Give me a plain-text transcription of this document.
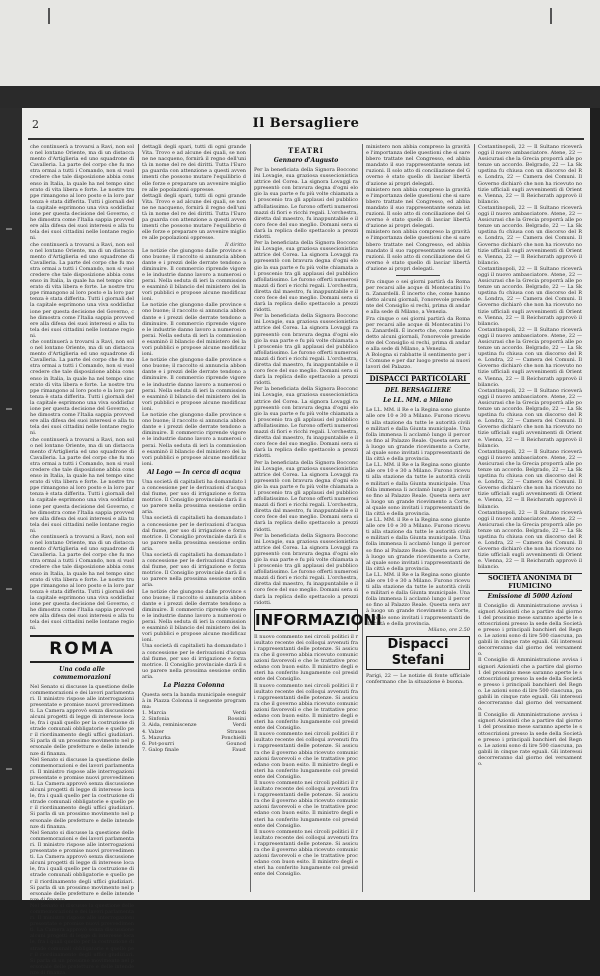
2	Il Bersagliere
che continuerà a trovarsi a Ravi, non solo nel lontano Oriente, ma di un distaccamento d'Artiglieria ed uno squadrone di Cavalleria. La parte del corpo che fu mostra ormai a tutti i Comando, non si vuol credere che tale disposizione abbia consenso in Italia, la quale ha nel tempo sincerato di vita libera e forte. Le nostre truppe rimangono al loro posto e la loro partenza è stata differita. Tutti i giornali della capitale esprimono una viva soddisfazione per questa decisione del Governo, che dimostra come l'Italia sappia provvedere alla difesa dei suoi interessi e alla tutela dei suoi cittadini nelle lontane regioni.
che continuerà a trovarsi a Ravi, non solo nel lontano Oriente, ma di un distaccamento d'Artiglieria ed uno squadrone di Cavalleria. La parte del corpo che fu mostra ormai a tutti i Comando, non si vuol credere che tale disposizione abbia consenso in Italia, la quale ha nel tempo sincerato di vita libera e forte. Le nostre truppe rimangono al loro posto e la loro partenza è stata differita. Tutti i giornali della capitale esprimono una viva soddisfazione per questa decisione del Governo, che dimostra come l'Italia sappia provvedere alla difesa dei suoi interessi e alla tutela dei suoi cittadini nelle lontane regioni.
che continuerà a trovarsi a Ravi, non solo nel lontano Oriente, ma di un distaccamento d'Artiglieria ed uno squadrone di Cavalleria. La parte del corpo che fu mostra ormai a tutti i Comando, non si vuol credere che tale disposizione abbia consenso in Italia, la quale ha nel tempo sincerato di vita libera e forte. Le nostre truppe rimangono al loro posto e la loro partenza è stata differita. Tutti i giornali della capitale esprimono una viva soddisfazione per questa decisione del Governo, che dimostra come l'Italia sappia provvedere alla difesa dei suoi interessi e alla tutela dei suoi cittadini nelle lontane regioni.
che continuerà a trovarsi a Ravi, non solo nel lontano Oriente, ma di un distaccamento d'Artiglieria ed uno squadrone di Cavalleria. La parte del corpo che fu mostra ormai a tutti i Comando, non si vuol credere che tale disposizione abbia consenso in Italia, la quale ha nel tempo sincerato di vita libera e forte. Le nostre truppe rimangono al loro posto e la loro partenza è stata differita. Tutti i giornali della capitale esprimono una viva soddisfazione per questa decisione del Governo, che dimostra come l'Italia sappia provvedere alla difesa dei suoi interessi e alla tutela dei suoi cittadini nelle lontane regioni.
che continuerà a trovarsi a Ravi, non solo nel lontano Oriente, ma di un distaccamento d'Artiglieria ed uno squadrone di Cavalleria. La parte del corpo che fu mostra ormai a tutti i Comando, non si vuol credere che tale disposizione abbia consenso in Italia, la quale ha nel tempo sincerato di vita libera e forte. Le nostre truppe rimangono al loro posto e la loro partenza è stata differita. Tutti i giornali della capitale esprimono una viva soddisfazione per questa decisione del Governo, che dimostra come l'Italia sappia provvedere alla difesa dei suoi interessi e alla tutela dei suoi cittadini nelle lontane regioni.
ROMA
Una coda alle commemorazioni
Nel Senato si discusse la questione delle commemorazioni e dei lavori parlamentari. Il ministro rispose alle interrogazioni presentate e promise nuovi provvedimenti. La Camera approvò senza discussione alcuni progetti di legge di interesse locale, fra i quali quello per la costruzione di strade comunali obbligatorie e quello per il riordinamento degli uffici giudiziari. Si parla di un prossimo movimento nel personale delle prefetture e delle intendenze di finanza.
Nel Senato si discusse la questione delle commemorazioni e dei lavori parlamentari. Il ministro rispose alle interrogazioni presentate e promise nuovi provvedimenti. La Camera approvò senza discussione alcuni progetti di legge di interesse locale, fra i quali quello per la costruzione di strade comunali obbligatorie e quello per il riordinamento degli uffici giudiziari. Si parla di un prossimo movimento nel personale delle prefetture e delle intendenze di finanza.
Nel Senato si discusse la questione delle commemorazioni e dei lavori parlamentari. Il ministro rispose alle interrogazioni presentate e promise nuovi provvedimenti. La Camera approvò senza discussione alcuni progetti di legge di interesse locale, fra i quali quello per la costruzione di strade comunali obbligatorie e quello per il riordinamento degli uffici giudiziari. Si parla di un prossimo movimento nel personale delle prefetture e delle intendenze di finanza.
Nel Senato si discusse la questione delle commemorazioni e dei lavori parlamentari. Il ministro rispose alle interrogazioni presentate e promise nuovi provvedimenti. La Camera approvò senza discussione alcuni progetti di legge di interesse locale, fra i quali quello per la costruzione di strade comunali obbligatorie e quello per il riordinamento degli uffici giudiziari. Si parla di un prossimo movimento nel personale delle prefetture e delle intendenze di finanza.
dettagli degli spari, tutti di ogni grande Vita. Trovo e ad alcune dei quali, se non ne ne nacqueno, fornirà il regno dell'unità in nome del re dei diritti. Tutta l'Europa guarda con attenzione a questi avvenimenti che possono mutare l'equilibrio delle forze e preparare un avvenire migliore alle popolazioni oppresse.
dettagli degli spari, tutti di ogni grande Vita. Trovo e ad alcune dei quali, se non ne ne nacqueno, fornirà il regno dell'unità in nome del re dei diritti. Tutta l'Europa guarda con attenzione a questi avvenimenti che possono mutare l'equilibrio delle forze e preparare un avvenire migliore alle popolazioni oppresse.
Il diritto
Le notizie che giungono dalle province sono buone; il raccolto si annuncia abbondante e i prezzi delle derrate tendono a diminuire. Il commercio riprende vigore e le industrie danno lavoro a numerosi operai. Nella seduta di ieri la commissione esaminò il bilancio del ministero dei lavori pubblici e propose alcune modificazioni.
Le notizie che giungono dalle province sono buone; il raccolto si annuncia abbondante e i prezzi delle derrate tendono a diminuire. Il commercio riprende vigore e le industrie danno lavoro a numerosi operai. Nella seduta di ieri la commissione esaminò il bilancio del ministero dei lavori pubblici e propose alcune modificazioni.
Le notizie che giungono dalle province sono buone; il raccolto si annuncia abbondante e i prezzi delle derrate tendono a diminuire. Il commercio riprende vigore e le industrie danno lavoro a numerosi operai. Nella seduta di ieri la commissione esaminò il bilancio del ministero dei lavori pubblici e propose alcune modificazioni.
Le notizie che giungono dalle province sono buone; il raccolto si annuncia abbondante e i prezzi delle derrate tendono a diminuire. Il commercio riprende vigore e le industrie danno lavoro a numerosi operai. Nella seduta di ieri la commissione esaminò il bilancio del ministero dei lavori pubblici e propose alcune modificazioni.
Al Lago — In cerca di acqua
Una società di capitalisti ha domandato la concessione per le derivazioni d'acqua dal fiume, per uso di irrigazione e forza motrice. Il Consiglio provinciale darà il suo parere nella prossima sessione ordinaria.
Una società di capitalisti ha domandato la concessione per le derivazioni d'acqua dal fiume, per uso di irrigazione e forza motrice. Il Consiglio provinciale darà il suo parere nella prossima sessione ordinaria.
Una società di capitalisti ha domandato la concessione per le derivazioni d'acqua dal fiume, per uso di irrigazione e forza motrice. Il Consiglio provinciale darà il suo parere nella prossima sessione ordinaria.
Le notizie che giungono dalle province sono buone; il raccolto si annuncia abbondante e i prezzi delle derrate tendono a diminuire. Il commercio riprende vigore e le industrie danno lavoro a numerosi operai. Nella seduta di ieri la commissione esaminò il bilancio del ministero dei lavori pubblici e propose alcune modificazioni.
Una società di capitalisti ha domandato la concessione per le derivazioni d'acqua dal fiume, per uso di irrigazione e forza motrice. Il Consiglio provinciale darà il suo parere nella prossima sessione ordinaria.
La Piazza Colonna
Questa sera la banda municipale eseguirà in Piazza Colonna il seguente programma:
1. Marcia	Verdi
2. Sinfonia	Rossini
3. Aida, reminiscenze	Verdi
4. Valzer	Strauss
5. Mazurka	Ponchielli
6. Pot-pourri	Gounod
7. Galop finale	Faust
TEATRI
Gennaro d'Augusto
Per la beneficiata della Signora Bocconcini Lovagie, sua graziosa sussecionistica attrice del Corea. La signora Lovaggi rappresentò con bravura degna d'ogni elogio la sua parte e fu più volte chiamata al proscenio tra gli applausi del pubblico affollatissimo. Le furono offerti numerosi mazzi di fiori e ricchi regali. L'orchestra, diretta dal maestro, fu inappuntabile e il coro fece del suo meglio. Domani sera si darà la replica dello spettacolo a prezzi ridotti.
Per la beneficiata della Signora Bocconcini Lovagie, sua graziosa sussecionistica attrice del Corea. La signora Lovaggi rappresentò con bravura degna d'ogni elogio la sua parte e fu più volte chiamata al proscenio tra gli applausi del pubblico affollatissimo. Le furono offerti numerosi mazzi di fiori e ricchi regali. L'orchestra, diretta dal maestro, fu inappuntabile e il coro fece del suo meglio. Domani sera si darà la replica dello spettacolo a prezzi ridotti.
Per la beneficiata della Signora Bocconcini Lovagie, sua graziosa sussecionistica attrice del Corea. La signora Lovaggi rappresentò con bravura degna d'ogni elogio la sua parte e fu più volte chiamata al proscenio tra gli applausi del pubblico affollatissimo. Le furono offerti numerosi mazzi di fiori e ricchi regali. L'orchestra, diretta dal maestro, fu inappuntabile e il coro fece del suo meglio. Domani sera si darà la replica dello spettacolo a prezzi ridotti.
Per la beneficiata della Signora Bocconcini Lovagie, sua graziosa sussecionistica attrice del Corea. La signora Lovaggi rappresentò con bravura degna d'ogni elogio la sua parte e fu più volte chiamata al proscenio tra gli applausi del pubblico affollatissimo. Le furono offerti numerosi mazzi di fiori e ricchi regali. L'orchestra, diretta dal maestro, fu inappuntabile e il coro fece del suo meglio. Domani sera si darà la replica dello spettacolo a prezzi ridotti.
Per la beneficiata della Signora Bocconcini Lovagie, sua graziosa sussecionistica attrice del Corea. La signora Lovaggi rappresentò con bravura degna d'ogni elogio la sua parte e fu più volte chiamata al proscenio tra gli applausi del pubblico affollatissimo. Le furono offerti numerosi mazzi di fiori e ricchi regali. L'orchestra, diretta dal maestro, fu inappuntabile e il coro fece del suo meglio. Domani sera si darà la replica dello spettacolo a prezzi ridotti.
Per la beneficiata della Signora Bocconcini Lovagie, sua graziosa sussecionistica attrice del Corea. La signora Lovaggi rappresentò con bravura degna d'ogni elogio la sua parte e fu più volte chiamata al proscenio tra gli applausi del pubblico affollatissimo. Le furono offerti numerosi mazzi di fiori e ricchi regali. L'orchestra, diretta dal maestro, fu inappuntabile e il coro fece del suo meglio. Domani sera si darà la replica dello spettacolo a prezzi ridotti.
INFORMAZIONI
Il nuovo commento nei circoli politici il risultato recente dei colloqui avvenuti fra i rappresentanti delle potenze. Si assicura che il governo abbia ricevuto comunicazioni favorevoli e che le trattative procedano con buon esito. Il ministro degli esteri ha conferito lungamente col presidente del Consiglio.
Il nuovo commento nei circoli politici il risultato recente dei colloqui avvenuti fra i rappresentanti delle potenze. Si assicura che il governo abbia ricevuto comunicazioni favorevoli e che le trattative procedano con buon esito. Il ministro degli esteri ha conferito lungamente col presidente del Consiglio.
Il nuovo commento nei circoli politici il risultato recente dei colloqui avvenuti fra i rappresentanti delle potenze. Si assicura che il governo abbia ricevuto comunicazioni favorevoli e che le trattative procedano con buon esito. Il ministro degli esteri ha conferito lungamente col presidente del Consiglio.
Il nuovo commento nei circoli politici il risultato recente dei colloqui avvenuti fra i rappresentanti delle potenze. Si assicura che il governo abbia ricevuto comunicazioni favorevoli e che le trattative procedano con buon esito. Il ministro degli esteri ha conferito lungamente col presidente del Consiglio.
Il nuovo commento nei circoli politici il risultato recente dei colloqui avvenuti fra i rappresentanti delle potenze. Si assicura che il governo abbia ricevuto comunicazioni favorevoli e che le trattative procedano con buon esito. Il ministro degli esteri ha conferito lungamente col presidente del Consiglio.
ministero non abbia compreso la gravità e l'importanza delle questioni che si sarebbero trattate nel Congresso, ed abbia mandato il suo rappresentante senza istruzioni. Il solo atto di conciliazione del Governo è stato quello di lasciar libertà d'azione ai propri delegati.
ministero non abbia compreso la gravità e l'importanza delle questioni che si sarebbero trattate nel Congresso, ed abbia mandato il suo rappresentante senza istruzioni. Il solo atto di conciliazione del Governo è stato quello di lasciar libertà d'azione ai propri delegati.
ministero non abbia compreso la gravità e l'importanza delle questioni che si sarebbero trattate nel Congresso, ed abbia mandato il suo rappresentante senza istruzioni. Il solo atto di conciliazione del Governo è stato quello di lasciar libertà d'azione ai propri delegati.
Fra cinque o sei giorni partirà da Roma per recarsi alle acque di Montecatini l'on. Zanardelli. È incerto che, come hanno detto alcuni giornali, l'onorevole presidente del Consiglio si rechi, prima di andare alla sede di Milano, a Venezia.
Fra cinque o sei giorni partirà da Roma per recarsi alle acque di Montecatini l'on. Zanardelli. È incerto che, come hanno detto alcuni giornali, l'onorevole presidente del Consiglio si rechi, prima di andare alla sede di Milano, a Venezia.
A Bologna si rabbatte il sentimento per il Comune e per dar luogo presto ai nuovi lavori del Palazzo.
DISPACCI PARTICOLARI
DEL BERSAGLIERE
Le LL. MM. a Milano
Le LL. MM. il Re e la Regina sono giunte alle ore 10 e 30 a Milano. Furono ricevuti alla stazione da tutte le autorità civili e militari e dalla Giunta municipale. Una folla immensa li acclamò lungo il percorso fino al Palazzo Reale. Questa sera avrà luogo un grande ricevimento a Corte, al quale sono invitati i rappresentanti della città e della provincia.
Le LL. MM. il Re e la Regina sono giunte alle ore 10 e 30 a Milano. Furono ricevuti alla stazione da tutte le autorità civili e militari e dalla Giunta municipale. Una folla immensa li acclamò lungo il percorso fino al Palazzo Reale. Questa sera avrà luogo un grande ricevimento a Corte, al quale sono invitati i rappresentanti della città e della provincia.
Le LL. MM. il Re e la Regina sono giunte alle ore 10 e 30 a Milano. Furono ricevuti alla stazione da tutte le autorità civili e militari e dalla Giunta municipale. Una folla immensa li acclamò lungo il percorso fino al Palazzo Reale. Questa sera avrà luogo un grande ricevimento a Corte, al quale sono invitati i rappresentanti della città e della provincia.
Le LL. MM. il Re e la Regina sono giunte alle ore 10 e 30 a Milano. Furono ricevuti alla stazione da tutte le autorità civili e militari e dalla Giunta municipale. Una folla immensa li acclamò lungo il percorso fino al Palazzo Reale. Questa sera avrà luogo un grande ricevimento a Corte, al quale sono invitati i rappresentanti della città e della provincia.
Milano, ore 2.50
Dispacci Stefani
Parigi, 22 — Le notizie di fonte ufficiale confermano che la situazione è buona.
Costantinopoli, 22 — Il Sultano riceverà oggi il nuovo ambasciatore. Atene, 22 — Assicurasi che la Grecia proporrà alle potenze un accordo. Belgrado, 22 — La Skupstina fu chiusa con un discorso del Re. Londra, 22 — Camera dei Comuni. Il Governo dichiarò che non ha ricevuto notizie ufficiali sugli avvenimenti di Oriente. Vienna, 22 — Il Reichsrath approvò il bilancio.
Costantinopoli, 22 — Il Sultano riceverà oggi il nuovo ambasciatore. Atene, 22 — Assicurasi che la Grecia proporrà alle potenze un accordo. Belgrado, 22 — La Skupstina fu chiusa con un discorso del Re. Londra, 22 — Camera dei Comuni. Il Governo dichiarò che non ha ricevuto notizie ufficiali sugli avvenimenti di Oriente. Vienna, 22 — Il Reichsrath approvò il bilancio.
Costantinopoli, 22 — Il Sultano riceverà oggi il nuovo ambasciatore. Atene, 22 — Assicurasi che la Grecia proporrà alle potenze un accordo. Belgrado, 22 — La Skupstina fu chiusa con un discorso del Re. Londra, 22 — Camera dei Comuni. Il Governo dichiarò che non ha ricevuto notizie ufficiali sugli avvenimenti di Oriente. Vienna, 22 — Il Reichsrath approvò il bilancio.
Costantinopoli, 22 — Il Sultano riceverà oggi il nuovo ambasciatore. Atene, 22 — Assicurasi che la Grecia proporrà alle potenze un accordo. Belgrado, 22 — La Skupstina fu chiusa con un discorso del Re. Londra, 22 — Camera dei Comuni. Il Governo dichiarò che non ha ricevuto notizie ufficiali sugli avvenimenti di Oriente. Vienna, 22 — Il Reichsrath approvò il bilancio.
Costantinopoli, 22 — Il Sultano riceverà oggi il nuovo ambasciatore. Atene, 22 — Assicurasi che la Grecia proporrà alle potenze un accordo. Belgrado, 22 — La Skupstina fu chiusa con un discorso del Re. Londra, 22 — Camera dei Comuni. Il Governo dichiarò che non ha ricevuto notizie ufficiali sugli avvenimenti di Oriente. Vienna, 22 — Il Reichsrath approvò il bilancio.
Costantinopoli, 22 — Il Sultano riceverà oggi il nuovo ambasciatore. Atene, 22 — Assicurasi che la Grecia proporrà alle potenze un accordo. Belgrado, 22 — La Skupstina fu chiusa con un discorso del Re. Londra, 22 — Camera dei Comuni. Il Governo dichiarò che non ha ricevuto notizie ufficiali sugli avvenimenti di Oriente. Vienna, 22 — Il Reichsrath approvò il bilancio.
Costantinopoli, 22 — Il Sultano riceverà oggi il nuovo ambasciatore. Atene, 22 — Assicurasi che la Grecia proporrà alle potenze un accordo. Belgrado, 22 — La Skupstina fu chiusa con un discorso del Re. Londra, 22 — Camera dei Comuni. Il Governo dichiarò che non ha ricevuto notizie ufficiali sugli avvenimenti di Oriente. Vienna, 22 — Il Reichsrath approvò il bilancio.
SOCIETÀ ANONIMA DI FIUMICINO
Emissione di 5000 Azioni
Il Consiglio di Amministrazione avvisa i signori Azionisti che a partire dal giorno 1 del prossimo mese saranno aperte le sottoscrizioni presso la sede della Società e presso i principali banchieri del Regno. Le azioni sono di lire 500 ciascuna, pagabili in cinque rate eguali. Gli interessi decorreranno dal giorno del versamento.
Il Consiglio di Amministrazione avvisa i signori Azionisti che a partire dal giorno 1 del prossimo mese saranno aperte le sottoscrizioni presso la sede della Società e presso i principali banchieri del Regno. Le azioni sono di lire 500 ciascuna, pagabili in cinque rate eguali. Gli interessi decorreranno dal giorno del versamento.
Il Consiglio di Amministrazione avvisa i signori Azionisti che a partire dal giorno 1 del prossimo mese saranno aperte le sottoscrizioni presso la sede della Società e presso i principali banchieri del Regno. Le azioni sono di lire 500 ciascuna, pagabili in cinque rate eguali. Gli interessi decorreranno dal giorno del versamento.
